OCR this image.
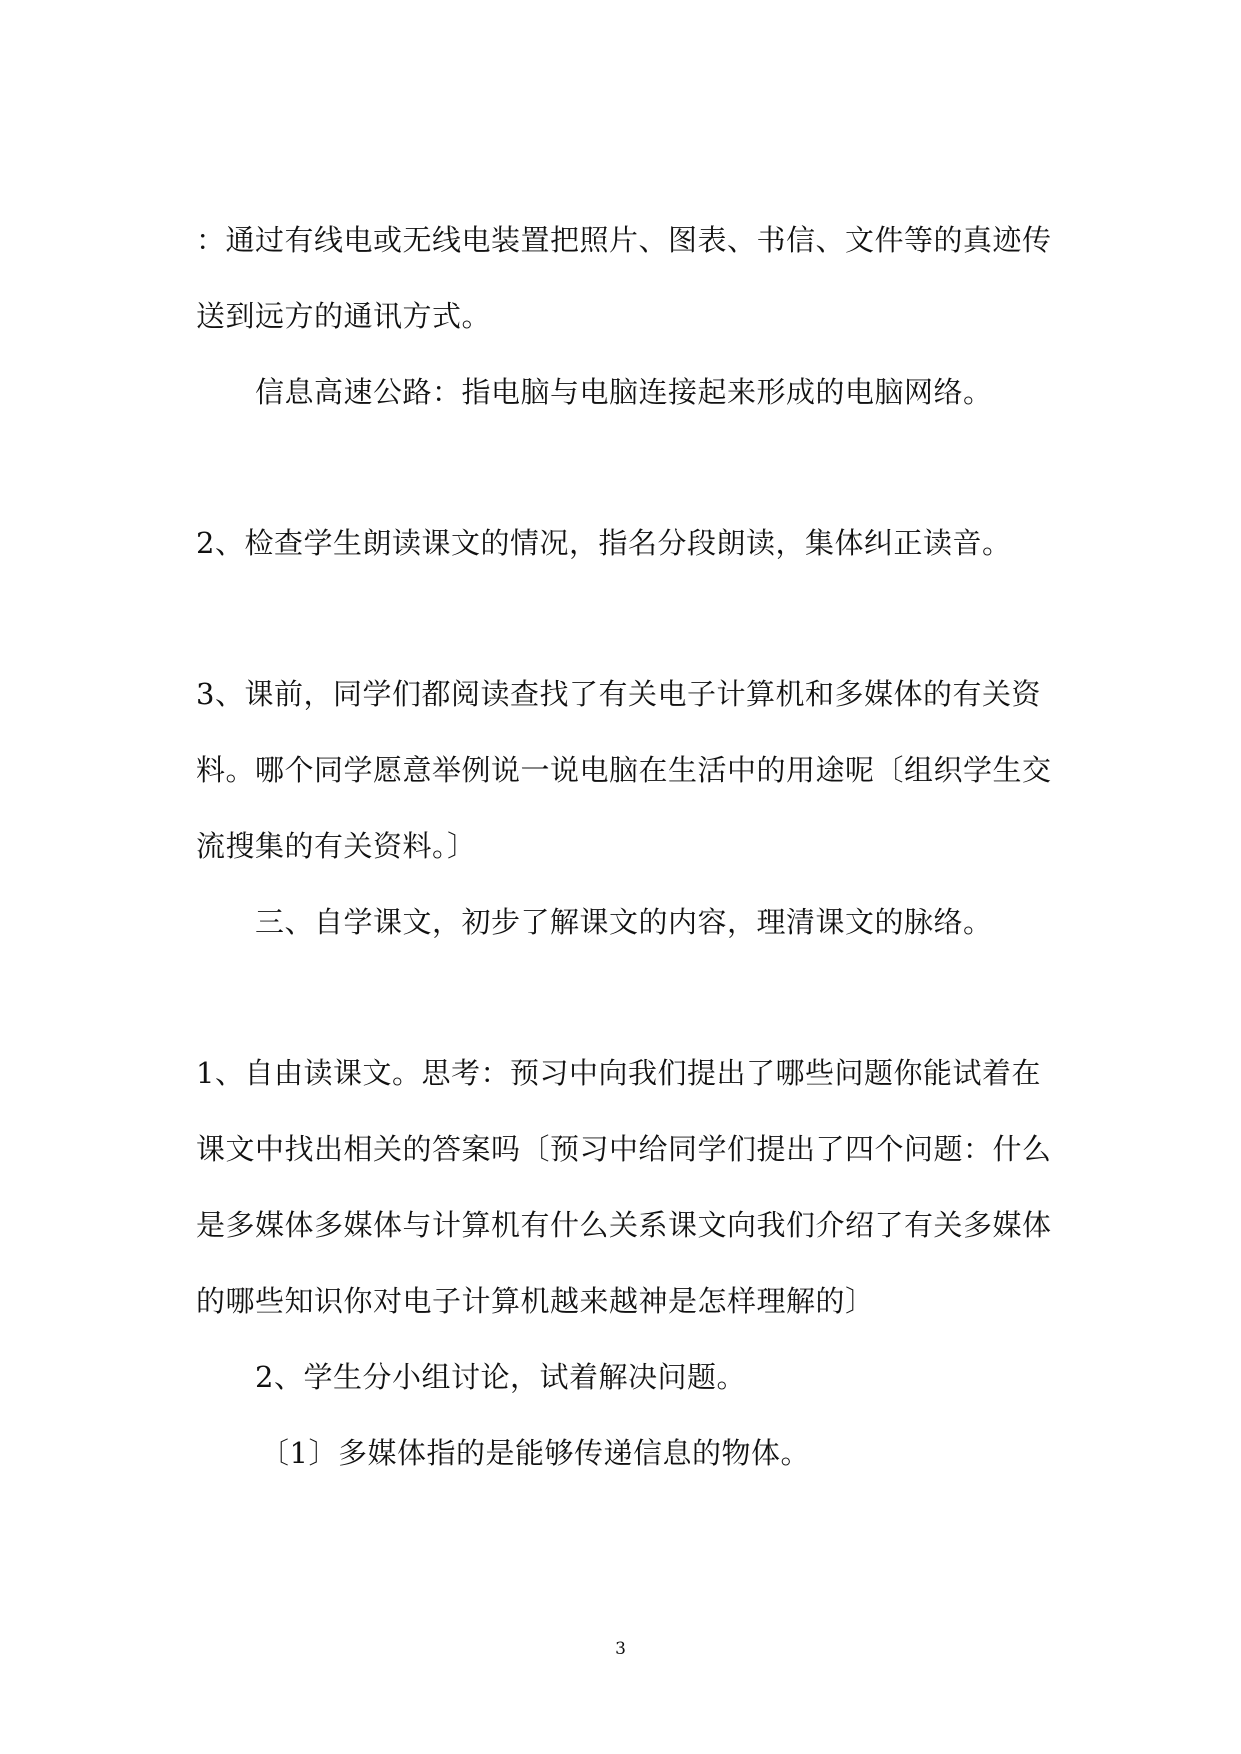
：通过有线电或无线电装置把照片、图表、书信、文件等的真迹传
送到远方的通讯方式。
信息高速公路：指电脑与电脑连接起来形成的电脑网络。
2、检查学生朗读课文的情况，指名分段朗读，集体纠正读音。
3、课前，同学们都阅读查找了有关电子计算机和多媒体的有关资
料。哪个同学愿意举例说一说电脑在生活中的用途呢〔组织学生交
流搜集的有关资料。〕
三、自学课文，初步了解课文的内容，理清课文的脉络。
1、自由读课文。思考：预习中向我们提出了哪些问题你能试着在
课文中找出相关的答案吗〔预习中给同学们提出了四个问题：什么
是多媒体多媒体与计算机有什么关系课文向我们介绍了有关多媒体
的哪些知识你对电子计算机越来越神是怎样理解的〕
2、学生分小组讨论，试着解决问题。
〔1〕多媒体指的是能够传递信息的物体。
3
